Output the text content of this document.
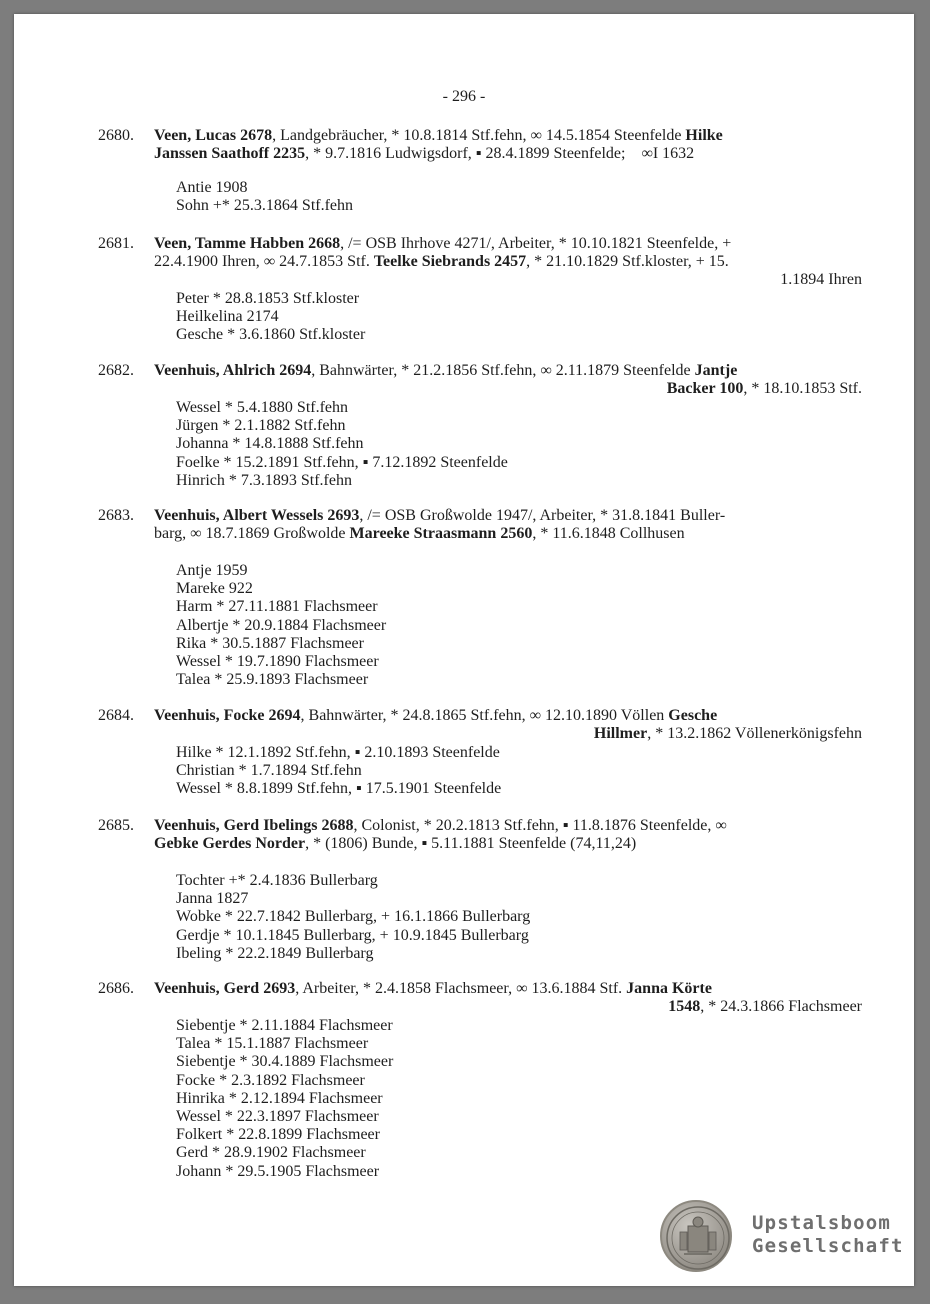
- 296 -
2680.	Veen, Lucas 2678, Landgebräucher, * 10.8.1814 Stf.fehn, ∞ 14.5.1854 Steenfelde Hilke
Janssen Saathoff 2235, * 9.7.1816 Ludwigsdorf, ▪ 28.4.1899 Steenfelde;    ∞I 1632
Antie 1908
Sohn +* 25.3.1864 Stf.fehn
2681.	Veen, Tamme Habben 2668, /= OSB Ihrhove 4271/, Arbeiter, * 10.10.1821 Steenfelde, +
22.4.1900 Ihren, ∞ 24.7.1853 Stf. Teelke Siebrands 2457, * 21.10.1829 Stf.kloster, + 15.
1.1894 Ihren
Peter * 28.8.1853 Stf.kloster
Heilkelina 2174
Gesche * 3.6.1860 Stf.kloster
2682.	Veenhuis, Ahlrich 2694, Bahnwärter, * 21.2.1856 Stf.fehn, ∞ 2.11.1879 Steenfelde Jantje
Backer 100, * 18.10.1853 Stf.
Wessel * 5.4.1880 Stf.fehn
Jürgen * 2.1.1882 Stf.fehn
Johanna * 14.8.1888 Stf.fehn
Foelke * 15.2.1891 Stf.fehn, ▪ 7.12.1892 Steenfelde
Hinrich * 7.3.1893 Stf.fehn
2683.	Veenhuis, Albert Wessels 2693, /= OSB Großwolde 1947/, Arbeiter, * 31.8.1841 Buller-
barg, ∞ 18.7.1869 Großwolde Mareeke Straasmann 2560, * 11.6.1848 Collhusen
Antje 1959
Mareke 922
Harm * 27.11.1881 Flachsmeer
Albertje * 20.9.1884 Flachsmeer
Rika * 30.5.1887 Flachsmeer
Wessel * 19.7.1890 Flachsmeer
Talea * 25.9.1893 Flachsmeer
2684.	Veenhuis, Focke 2694, Bahnwärter, * 24.8.1865 Stf.fehn, ∞ 12.10.1890 Völlen Gesche
Hillmer, * 13.2.1862 Völlenerkönigsfehn
Hilke * 12.1.1892 Stf.fehn, ▪ 2.10.1893 Steenfelde
Christian * 1.7.1894 Stf.fehn
Wessel * 8.8.1899 Stf.fehn, ▪ 17.5.1901 Steenfelde
2685.	Veenhuis, Gerd Ibelings 2688, Colonist, * 20.2.1813 Stf.fehn, ▪ 11.8.1876 Steenfelde, ∞
Gebke Gerdes Norder, * (1806) Bunde, ▪ 5.11.1881 Steenfelde (74,11,24)
Tochter +* 2.4.1836 Bullerbarg
Janna 1827
Wobke * 22.7.1842 Bullerbarg, + 16.1.1866 Bullerbarg
Gerdje * 10.1.1845 Bullerbarg, + 10.9.1845 Bullerbarg
Ibeling * 22.2.1849 Bullerbarg
2686.	Veenhuis, Gerd 2693, Arbeiter, * 2.4.1858 Flachsmeer, ∞ 13.6.1884 Stf. Janna Körte
1548, * 24.3.1866 Flachsmeer
Siebentje * 2.11.1884 Flachsmeer
Talea * 15.1.1887 Flachsmeer
Siebentje * 30.4.1889 Flachsmeer
Focke * 2.3.1892 Flachsmeer
Hinrika * 2.12.1894 Flachsmeer
Wessel * 22.3.1897 Flachsmeer
Folkert * 22.8.1899 Flachsmeer
Gerd * 28.9.1902 Flachsmeer
Johann * 29.5.1905 Flachsmeer
Upstalsboom
Gesellschaft
